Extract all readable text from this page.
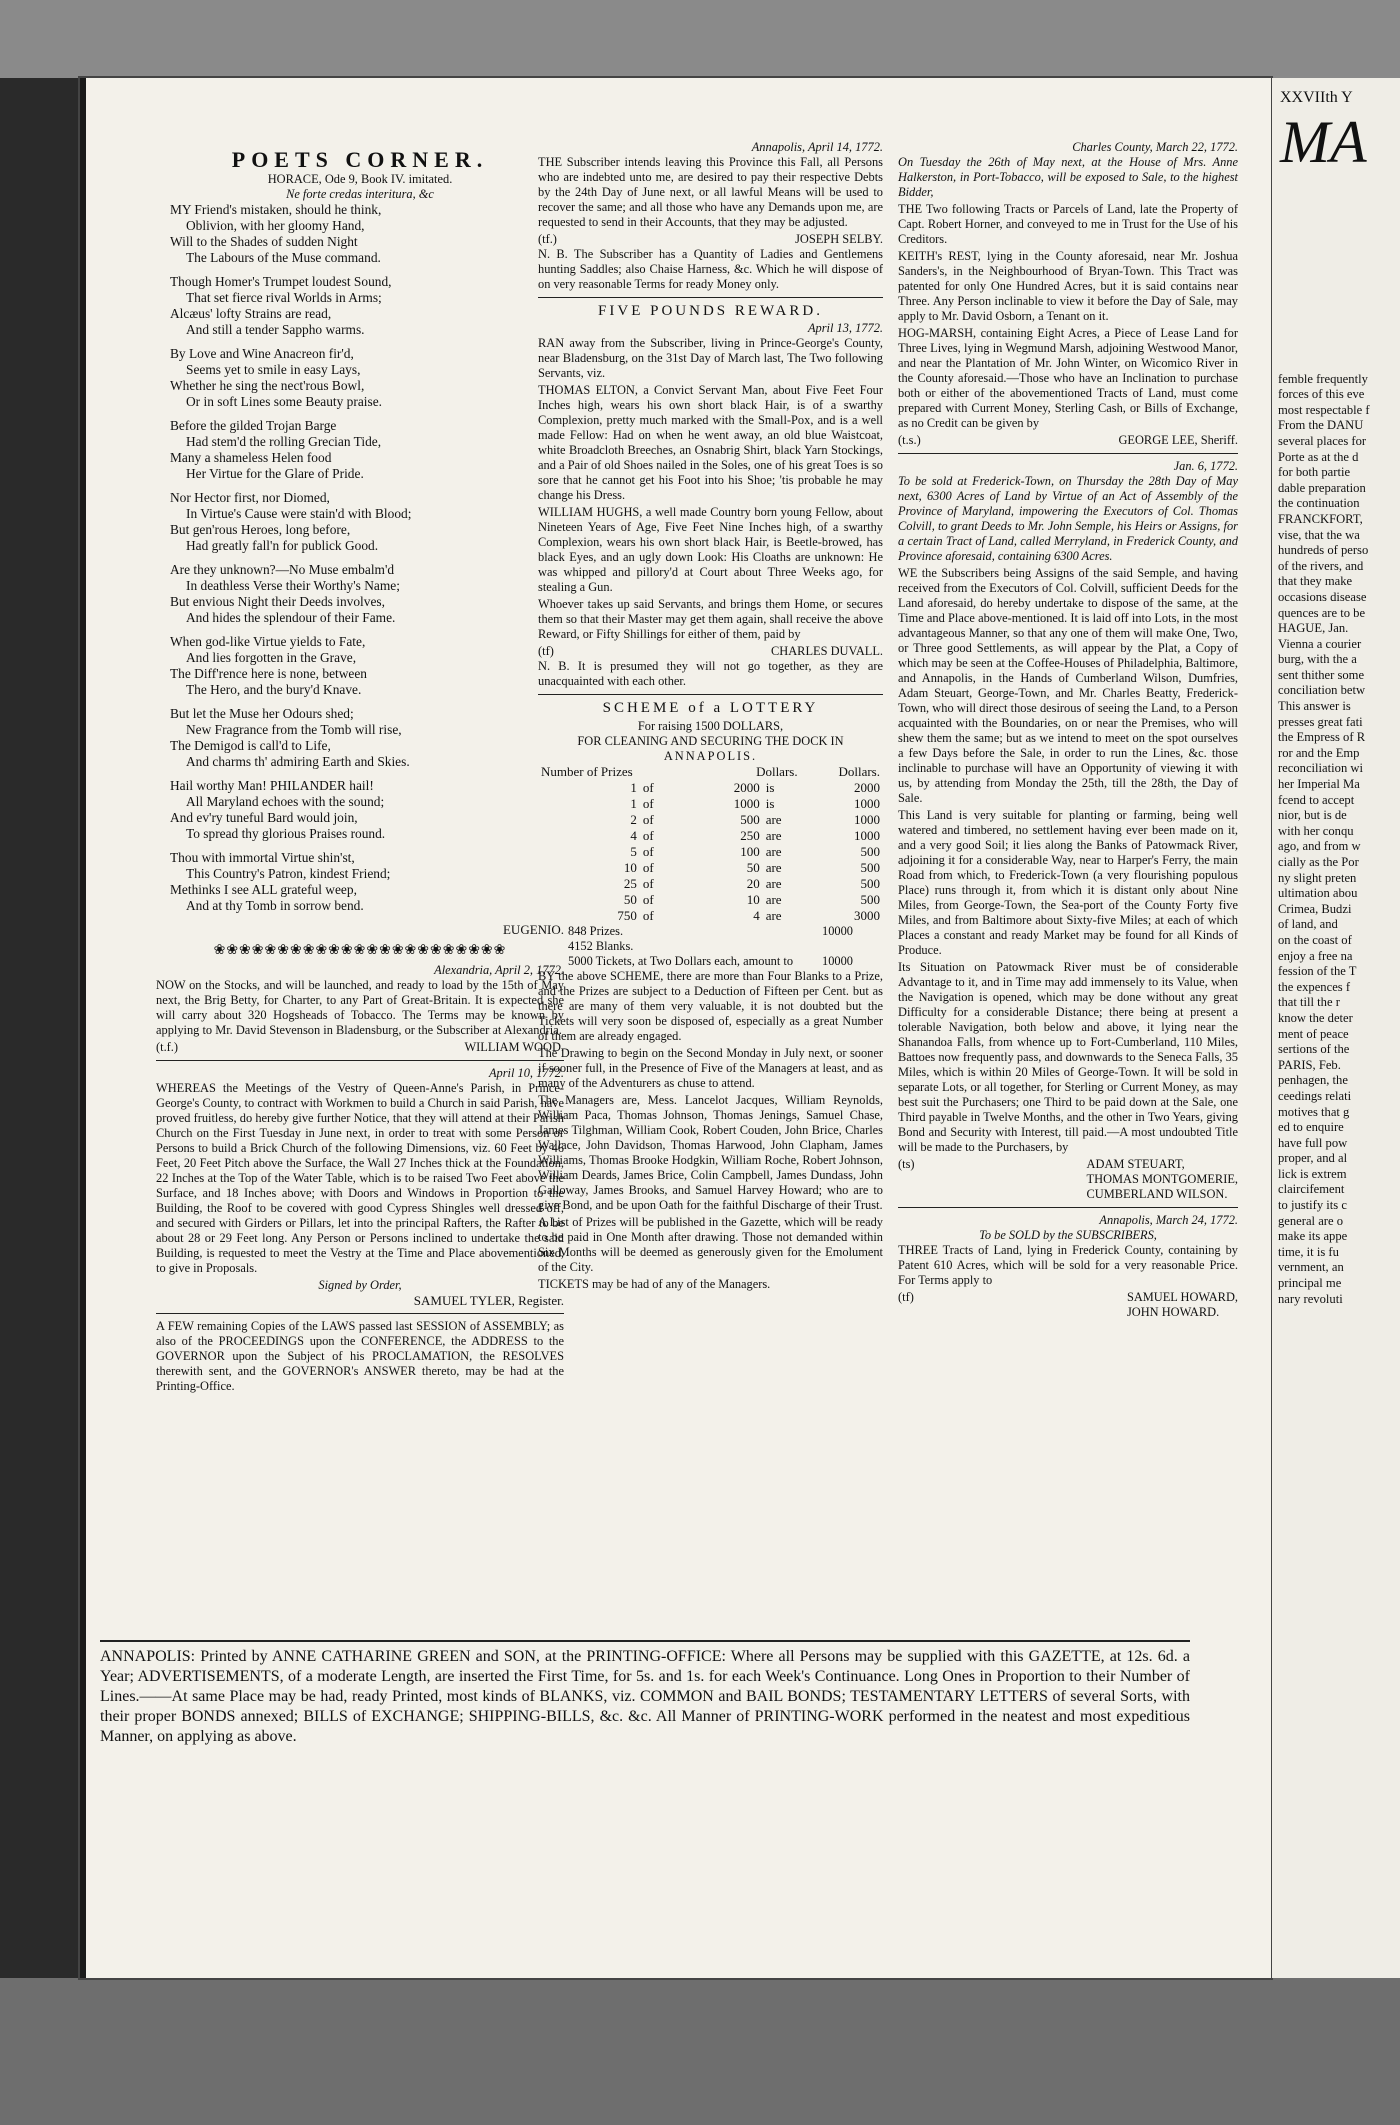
POETS CORNER.
HORACE, Ode 9, Book IV. imitated.
Ne forte credas interitura, &c
MY Friend's mistaken, should he think,
Oblivion, with her gloomy Hand,
Will to the Shades of sudden Night
The Labours of the Muse command.
Though Homer's Trumpet loudest Sound,
That set fierce rival Worlds in Arms;
Alcæus' lofty Strains are read,
And still a tender Sappho warms.
By Love and Wine Anacreon fir'd,
Seems yet to smile in easy Lays,
Whether he sing the nect'rous Bowl,
Or in soft Lines some Beauty praise.
Before the gilded Trojan Barge
Had stem'd the rolling Grecian Tide,
Many a shameless Helen food
Her Virtue for the Glare of Pride.
Nor Hector first, nor Diomed,
In Virtue's Cause were stain'd with Blood;
But gen'rous Heroes, long before,
Had greatly fall'n for publick Good.
Are they unknown?—No Muse embalm'd
In deathless Verse their Worthy's Name;
But envious Night their Deeds involves,
And hides the splendour of their Fame.
When god-like Virtue yields to Fate,
And lies forgotten in the Grave,
The Diff'rence here is none, between
The Hero, and the bury'd Knave.
But let the Muse her Odours shed;
New Fragrance from the Tomb will rise,
The Demigod is call'd to Life,
And charms th' admiring Earth and Skies.
Hail worthy Man! PHILANDER hail!
All Maryland echoes with the sound;
And ev'ry tuneful Bard would join,
To spread thy glorious Praises round.
Thou with immortal Virtue shin'st,
This Country's Patron, kindest Friend;
Methinks I see ALL grateful weep,
And at thy Tomb in sorrow bend.
EUGENIO.
❀❀❀❀❀❀❀❀❀❀❀❀❀❀❀❀❀❀❀❀❀❀❀
Alexandria, April 2, 1772.

NOW on the Stocks, and will be launched, and ready to load by the 15th of May next, the Brig Betty, for Charter, to any Part of Great-Britain. It is expected she will carry about 320 Hogsheads of Tobacco. The Terms may be known by applying to Mr. David Stevenson in Bladensburg, or the Subscriber at Alexandria.

(t.f.)	WILLIAM WOOD.
April 10, 1772.

WHEREAS the Meetings of the Vestry of Queen-Anne's Parish, in Prince-George's County, to contract with Workmen to build a Church in said Parish, have proved fruitless, do hereby give further Notice, that they will attend at their Parish Church on the First Tuesday in June next, in order to treat with some Person or Persons to build a Brick Church of the following Dimensions, viz. 60 Feet by 46 Feet, 20 Feet Pitch above the Surface, the Wall 27 Inches thick at the Foundation, 22 Inches at the Top of the Water Table, which is to be raised Two Feet above the Surface, and 18 Inches above; with Doors and Windows in Proportion to the Building, the Roof to be covered with good Cypress Shingles well dressed off, and secured with Girders or Pillars, let into the principal Rafters, the Rafter to be about 28 or 29 Feet long. Any Person or Persons inclined to undertake the said Building, is requested to meet the Vestry at the Time and Place abovementioned, to give in Proposals.

Signed by Order,
SAMUEL TYLER, Register.

A FEW remaining Copies of the LAWS passed last SESSION of ASSEMBLY; as also of the PROCEEDINGS upon the CONFERENCE, the ADDRESS to the GOVERNOR upon the Subject of his PROCLAMATION, the RESOLVES therewith sent, and the GOVERNOR's ANSWER thereto, may be had at the Printing-Office.

Annapolis, April 14, 1772.

THE Subscriber intends leaving this Province this Fall, all Persons who are indebted unto me, are desired to pay their respective Debts by the 24th Day of June next, or all lawful Means will be used to recover the same; and all those who have any Demands upon me, are requested to send in their Accounts, that they may be adjusted.

(tf.)	JOSEPH SELBY.

N. B. The Subscriber has a Quantity of Ladies and Gentlemens hunting Saddles; also Chaise Harness, &c. Which he will dispose of on very reasonable Terms for ready Money only.

FIVE POUNDS REWARD.
April 13, 1772.

RAN away from the Subscriber, living in Prince-George's County, near Bladensburg, on the 31st Day of March last, The Two following Servants, viz.

THOMAS ELTON, a Convict Servant Man, about Five Feet Four Inches high, wears his own short black Hair, is of a swarthy Complexion, pretty much marked with the Small-Pox, and is a well made Fellow: Had on when he went away, an old blue Waistcoat, white Broadcloth Breeches, an Osnabrig Shirt, black Yarn Stockings, and a Pair of old Shoes nailed in the Soles, one of his great Toes is so sore that he cannot get his Foot into his Shoe; 'tis probable he may change his Dress.

WILLIAM HUGHS, a well made Country born young Fellow, about Nineteen Years of Age, Five Feet Nine Inches high, of a swarthy Complexion, wears his own short black Hair, is Beetle-browed, has black Eyes, and an ugly down Look: His Cloaths are unknown: He was whipped and pillory'd at Court about Three Weeks ago, for stealing a Gun.

Whoever takes up said Servants, and brings them Home, or secures them so that their Master may get them again, shall receive the above Reward, or Fifty Shillings for either of them, paid by

(tf)	CHARLES DUVALL.

N. B. It is presumed they will not go together, as they are unacquainted with each other.

SCHEME of a LOTTERY
For raising 1500 DOLLARS,
FOR CLEANING AND SECURING THE DOCK IN
ANNAPOLIS.
Number of Prizes		Dollars.		Dollars.
1	of	2000	is	2000
1	of	1000	is	1000
2	of	500	are	1000
4	of	250	are	1000
5	of	100	are	500
10	of	50	are	500
25	of	20	are	500
50	of	10	are	500
750	of	4	are	3000
848 Prizes.	10000
4152 Blanks.
5000 Tickets, at Two Dollars each, amount to 10000

BY the above SCHEME, there are more than Four Blanks to a Prize, and the Prizes are subject to a Deduction of Fifteen per Cent. but as there are many of them very valuable, it is not doubted but the Tickets will very soon be disposed of, especially as a great Number of them are already engaged.

The Drawing to begin on the Second Monday in July next, or sooner if sooner full, in the Presence of Five of the Managers at least, and as many of the Adventurers as chuse to attend.

The Managers are, Mess. Lancelot Jacques, William Reynolds, William Paca, Thomas Johnson, Thomas Jenings, Samuel Chase, James Tilghman, William Cook, Robert Couden, John Brice, Charles Wallace, John Davidson, Thomas Harwood, John Clapham, James Williams, Thomas Brooke Hodgkin, William Roche, Robert Johnson, William Deards, James Brice, Colin Campbell, James Dundass, John Galloway, James Brooks, and Samuel Harvey Howard; who are to give Bond, and be upon Oath for the faithful Discharge of their Trust.

A List of Prizes will be published in the Gazette, which will be ready to be paid in One Month after drawing. Those not demanded within Six Months will be deemed as generously given for the Emolument of the City.

TICKETS may be had of any of the Managers.

Charles County, March 22, 1772.

On Tuesday the 26th of May next, at the House of Mrs. Anne Halkerston, in Port-Tobacco, will be exposed to Sale, to the highest Bidder,

THE Two following Tracts or Parcels of Land, late the Property of Capt. Robert Horner, and conveyed to me in Trust for the Use of his Creditors.

KEITH's REST, lying in the County aforesaid, near Mr. Joshua Sanders's, in the Neighbourhood of Bryan-Town. This Tract was patented for only One Hundred Acres, but it is said contains near Three. Any Person inclinable to view it before the Day of Sale, may apply to Mr. David Osborn, a Tenant on it.

HOG-MARSH, containing Eight Acres, a Piece of Lease Land for Three Lives, lying in Wegmund Marsh, adjoining Westwood Manor, and near the Plantation of Mr. John Winter, on Wicomico River in the County aforesaid.—Those who have an Inclination to purchase both or either of the abovementioned Tracts of Land, must come prepared with Current Money, Sterling Cash, or Bills of Exchange, as no Credit can be given by

(t.s.)	GEORGE LEE, Sheriff.
Jan. 6, 1772.

To be sold at Frederick-Town, on Thursday the 28th Day of May next, 6300 Acres of Land by Virtue of an Act of Assembly of the Province of Maryland, impowering the Executors of Col. Thomas Colvill, to grant Deeds to Mr. John Semple, his Heirs or Assigns, for a certain Tract of Land, called Merryland, in Frederick County, and Province aforesaid, containing 6300 Acres.

WE the Subscribers being Assigns of the said Semple, and having received from the Executors of Col. Colvill, sufficient Deeds for the Land aforesaid, do hereby undertake to dispose of the same, at the Time and Place above-mentioned. It is laid off into Lots, in the most advantageous Manner, so that any one of them will make One, Two, or Three good Settlements, as will appear by the Plat, a Copy of which may be seen at the Coffee-Houses of Philadelphia, Baltimore, and Annapolis, in the Hands of Cumberland Wilson, Dumfries, Adam Steuart, George-Town, and Mr. Charles Beatty, Frederick-Town, who will direct those desirous of seeing the Land, to a Person acquainted with the Boundaries, on or near the Premises, who will shew them the same; but as we intend to meet on the spot ourselves a few Days before the Sale, in order to run the Lines, &c. those inclinable to purchase will have an Opportunity of viewing it with us, by attending from Monday the 25th, till the 28th, the Day of Sale.

This Land is very suitable for planting or farming, being well watered and timbered, no settlement having ever been made on it, and a very good Soil; it lies along the Banks of Patowmack River, adjoining it for a considerable Way, near to Harper's Ferry, the main Road from which, to Frederick-Town (a very flourishing populous Place) runs through it, from which it is distant only about Nine Miles, from George-Town, the Sea-port of the County Forty five Miles, and from Baltimore about Sixty-five Miles; at each of which Places a constant and ready Market may be found for all Kinds of Produce.

Its Situation on Patowmack River must be of considerable Advantage to it, and in Time may add immensely to its Value, when the Navigation is opened, which may be done without any great Difficulty for a considerable Distance; there being at present a tolerable Navigation, both below and above, it lying near the Shanandoa Falls, from whence up to Fort-Cumberland, 110 Miles, Battoes now frequently pass, and downwards to the Seneca Falls, 35 Miles, which is within 20 Miles of George-Town. It will be sold in separate Lots, or all together, for Sterling or Current Money, as may best suit the Purchasers; one Third to be paid down at the Sale, one Third payable in Twelve Months, and the other in Two Years, giving Bond and Security with Interest, till paid.—A most undoubted Title will be made to the Purchasers, by

(ts)	ADAM STEUART,
THOMAS MONTGOMERIE,
CUMBERLAND WILSON.
Annapolis, March 24, 1772.
To be SOLD by the SUBSCRIBERS,

THREE Tracts of Land, lying in Frederick County, containing by Patent 610 Acres, which will be sold for a very reasonable Price. For Terms apply to

(tf)	SAMUEL HOWARD,
JOHN HOWARD.

ANNAPOLIS: Printed by ANNE CATHARINE GREEN and SON, at the PRINTING-OFFICE: Where all Persons may be supplied with this GAZETTE, at 12s. 6d. a Year; ADVERTISEMENTS, of a moderate Length, are inserted the First Time, for 5s. and 1s. for each Week's Continuance. Long Ones in Proportion to their Number of Lines.——At same Place may be had, ready Printed, most kinds of BLANKS, viz. COMMON and BAIL BONDS; TESTAMENTARY LETTERS of several Sorts, with their proper BONDS annexed; BILLS of EXCHANGE; SHIPPING-BILLS, &c. &c. All Manner of PRINTING-WORK performed in the neatest and most expeditious Manner, on applying as above.

XXVIIth Y
MA
femble frequently
forces of this eve
most respectable f
From the DANU
several places for
Porte as at the d
for both partie
dable preparation
the continuation
FRANCKFORT,
vise, that the wa
hundreds of perso
of the rivers, and
that they make
occasions disease
quences are to be
HAGUE, Jan.
Vienna a courier
burg, with the a
sent thither some
conciliation betw
This answer is
presses great fati
the Empress of R
ror and the Emp
reconciliation wi
her Imperial Ma
fcend to accept
nior, but is de
with her conqu
ago, and from w
cially as the Por
ny slight preten
ultimation abou
Crimea, Budzi
of land, and
on the coast of
enjoy a free na
fession of the T
the expences f
that till the r
know the deter
ment of peace
sertions of the
PARIS, Feb.
penhagen, the
ceedings relati
motives that g
ed to enquire
have full pow
proper, and al
lick is extrem
claircifement
to justify its c
general are o
make its appe
time, it is fu
vernment, an
principal me
nary revoluti
